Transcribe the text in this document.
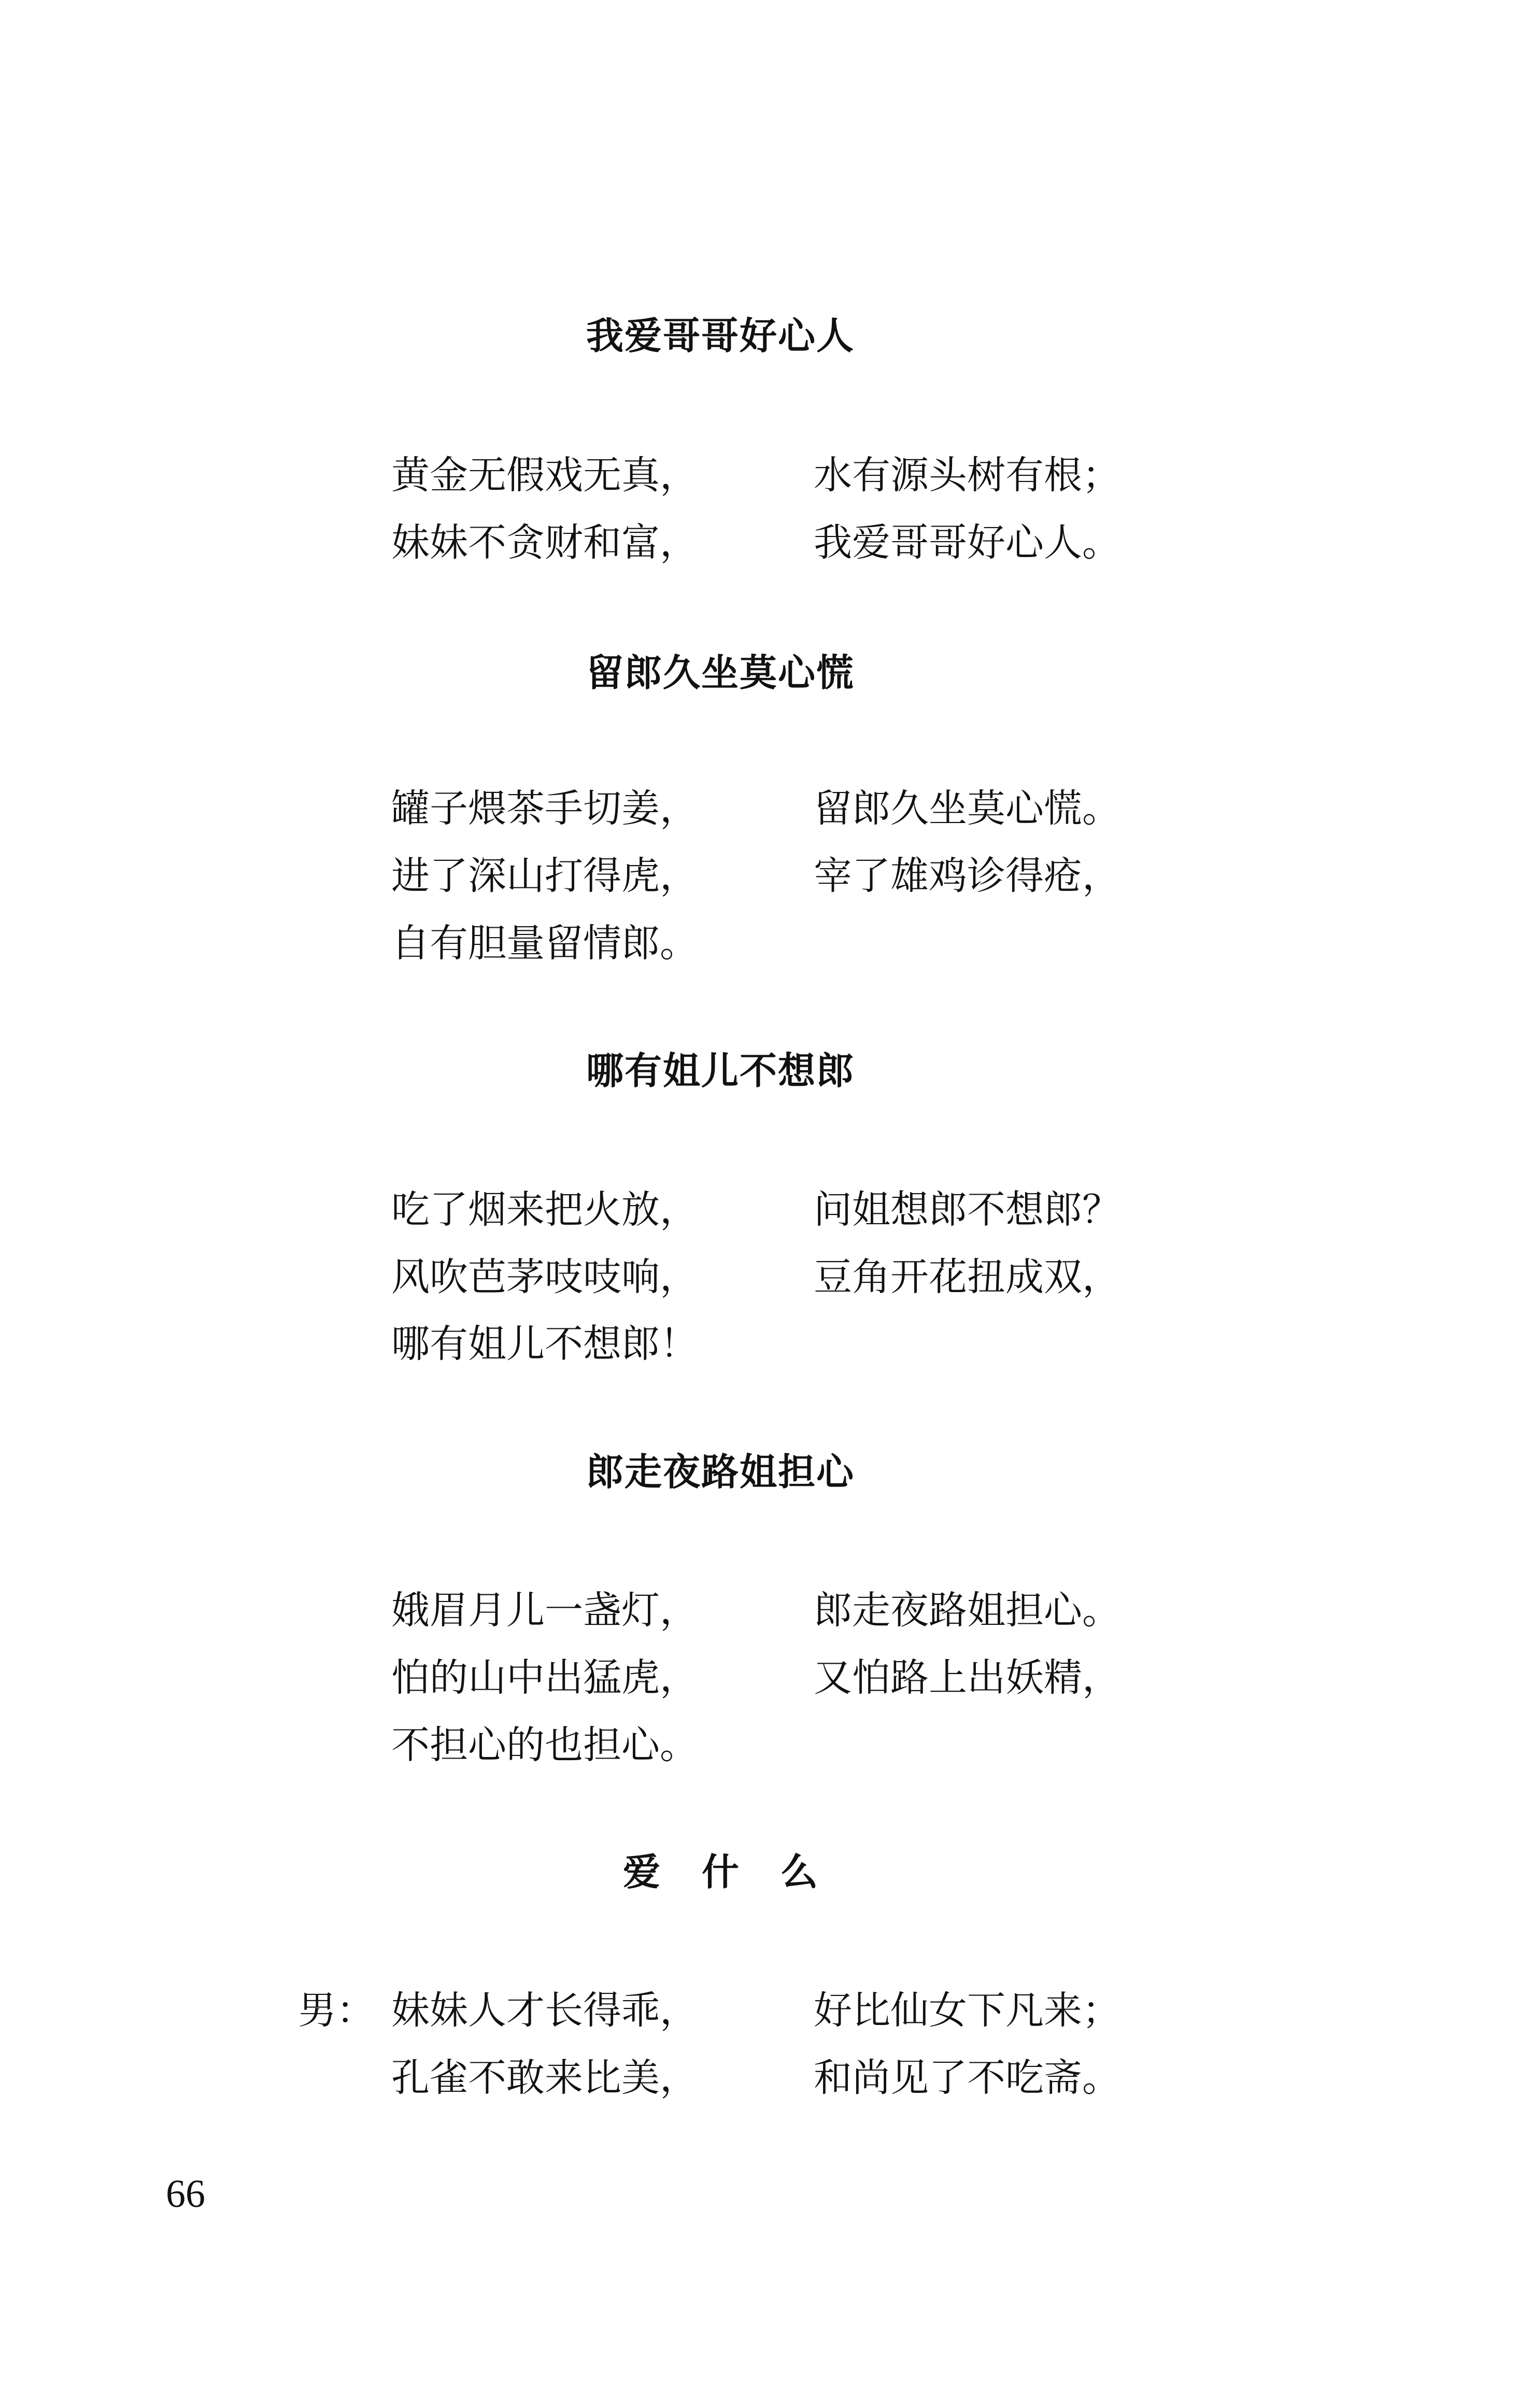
我爱哥哥好心人
黄金无假戏无真，	水有源头树有根；
妹妹不贪财和富，	我爱哥哥好心人。
留郎久坐莫心慌
罐子煨茶手切姜，	留郎久坐莫心慌。
进了深山打得虎，	宰了雄鸡诊得疮，
自有胆量留情郎。
哪有姐儿不想郎
吃了烟来把火放，	问姐想郎不想郎？
风吹芭茅吱吱响，	豆角开花扭成双，
哪有姐儿不想郎！
郎走夜路姐担心
娥眉月儿一盏灯，	郎走夜路姐担心。
怕的山中出猛虎，	又怕路上出妖精，
不担心的也担心。
爱什么
男： 妹妹人才长得乖，	好比仙女下凡来；
孔雀不敢来比美，	和尚见了不吃斋。
66
